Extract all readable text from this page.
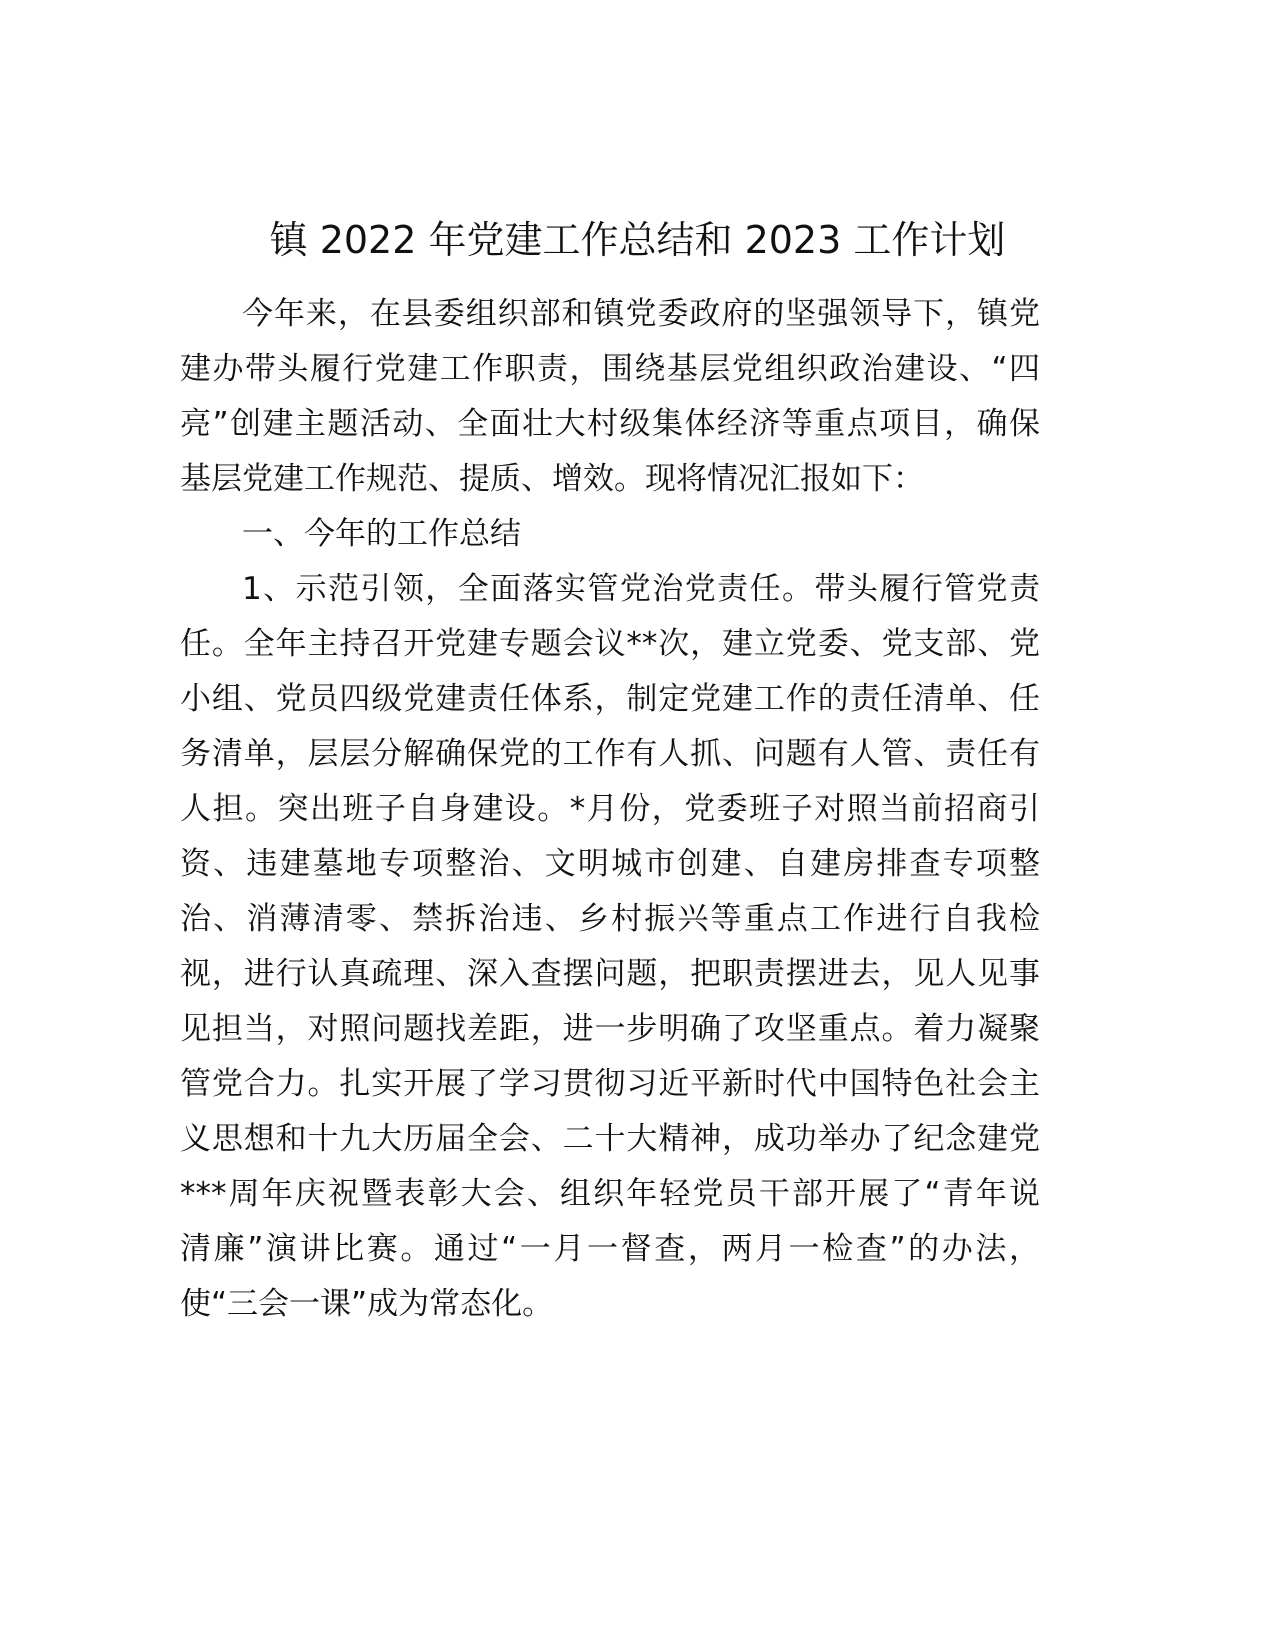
镇 2022 年党建工作总结和 2023 工作计划
今年来，在县委组织部和镇党委政府的坚强领导下，镇党
建办带头履行党建工作职责，围绕基层党组织政治建设、“四
亮”创建主题活动、全面壮大村级集体经济等重点项目，确保
基层党建工作规范、提质、增效。现将情况汇报如下：
一、今年的工作总结
1、示范引领，全面落实管党治党责任。带头履行管党责
任。全年主持召开党建专题会议**次，建立党委、党支部、党
小组、党员四级党建责任体系，制定党建工作的责任清单、任
务清单，层层分解确保党的工作有人抓、问题有人管、责任有
人担。突出班子自身建设。*月份，党委班子对照当前招商引
资、违建墓地专项整治、文明城市创建、自建房排查专项整
治、消薄清零、禁拆治违、乡村振兴等重点工作进行自我检
视，进行认真疏理、深入查摆问题，把职责摆进去，见人见事
见担当，对照问题找差距，进一步明确了攻坚重点。着力凝聚
管党合力。扎实开展了学习贯彻习近平新时代中国特色社会主
义思想和十九大历届全会、二十大精神，成功举办了纪念建党
***周年庆祝暨表彰大会、组织年轻党员干部开展了“青年说
清廉”演讲比赛。通过“一月一督查，两月一检查”的办法，
使“三会一课”成为常态化。
